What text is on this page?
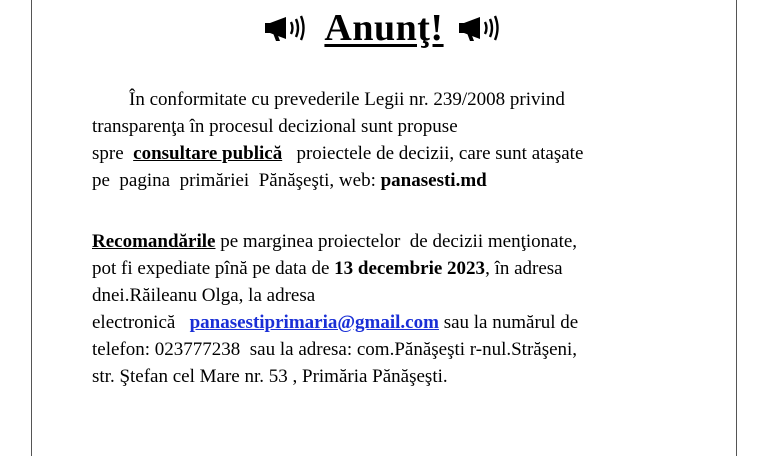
Anunţ!
În conformitate cu prevederile Legii nr. 239/2008 privind
transparenţa în procesul decizional sunt propuse
spre  consultare publică   proiectele de decizii, care sunt ataşate
pe  pagina  primăriei  Pănăşeşti, web: panasesti.md
Recomandările pe marginea proiectelor  de decizii menţionate,
pot fi expediate pînă pe data de 13 decembrie 2023, în adresa
dnei.Răileanu Olga, la adresa
electronică   panasestiprimaria@gmail.com sau la numărul de
telefon: 023777238  sau la adresa: com.Pănăşeşti r-nul.Străşeni,
str. Ştefan cel Mare nr. 53 , Primăria Pănăşeşti.
